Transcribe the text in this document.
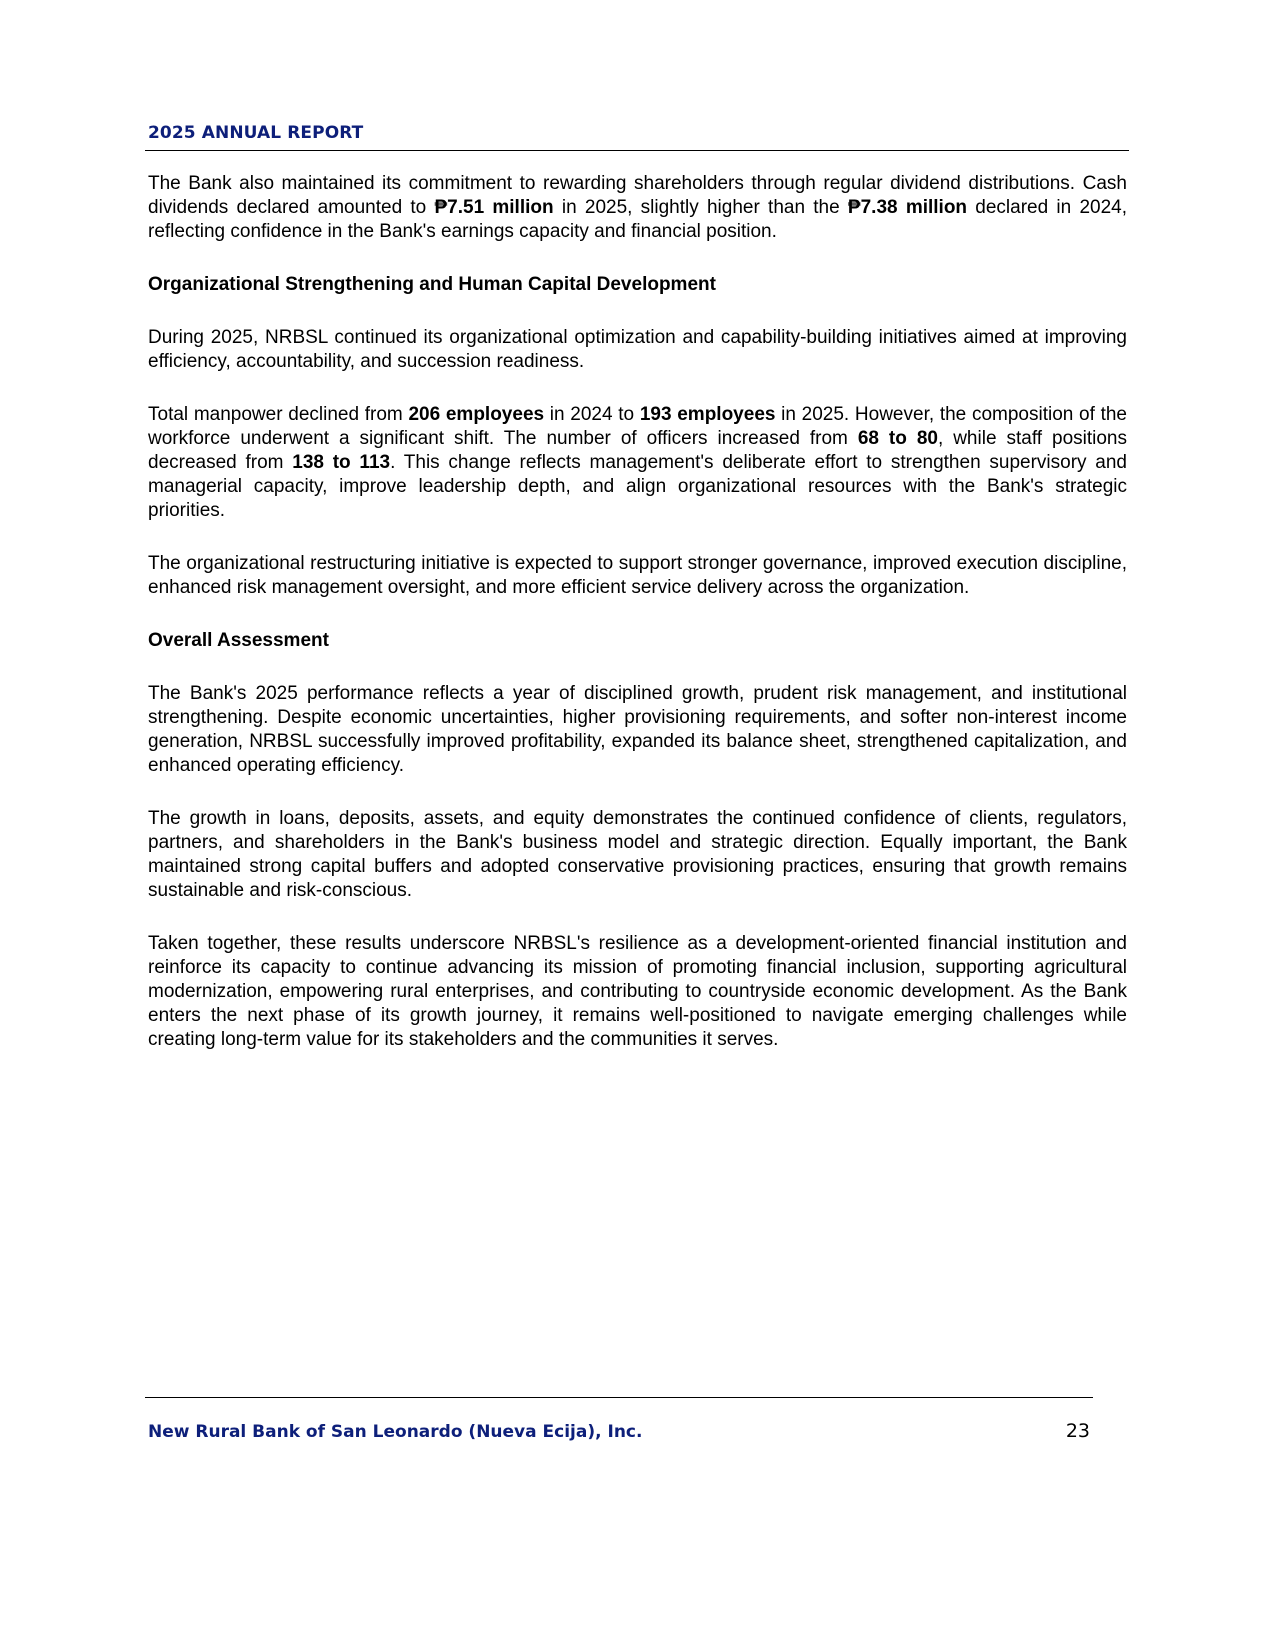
2025 ANNUAL REPORT

The Bank also maintained its commitment to rewarding shareholders through regular dividend distributions. Cash dividends declared amounted to ₱7.51 million in 2025, slightly higher than the ₱7.38 million declared in 2024, reflecting confidence in the Bank's earnings capacity and financial position.

Organizational Strengthening and Human Capital Development

During 2025, NRBSL continued its organizational optimization and capability-building initiatives aimed at improving efficiency, accountability, and succession readiness.

Total manpower declined from 206 employees in 2024 to 193 employees in 2025. However, the composition of the workforce underwent a significant shift. The number of officers increased from 68 to 80, while staff positions decreased from 138 to 113. This change reflects management's deliberate effort to strengthen supervisory and managerial capacity, improve leadership depth, and align organizational resources with the Bank's strategic priorities.

The organizational restructuring initiative is expected to support stronger governance, improved execution discipline, enhanced risk management oversight, and more efficient service delivery across the organization.

Overall Assessment

The Bank's 2025 performance reflects a year of disciplined growth, prudent risk management, and institutional strengthening. Despite economic uncertainties, higher provisioning requirements, and softer non-interest income generation, NRBSL successfully improved profitability, expanded its balance sheet, strengthened capitalization, and enhanced operating efficiency.

The growth in loans, deposits, assets, and equity demonstrates the continued confidence of clients, regulators, partners, and shareholders in the Bank's business model and strategic direction. Equally important, the Bank maintained strong capital buffers and adopted conservative provisioning practices, ensuring that growth remains sustainable and risk-conscious.

Taken together, these results underscore NRBSL's resilience as a development-oriented financial institution and reinforce its capacity to continue advancing its mission of promoting financial inclusion, supporting agricultural modernization, empowering rural enterprises, and contributing to countryside economic development. As the Bank enters the next phase of its growth journey, it remains well-positioned to navigate emerging challenges while creating long-term value for its stakeholders and the communities it serves.

New Rural Bank of San Leonardo (Nueva Ecija), Inc.	23
